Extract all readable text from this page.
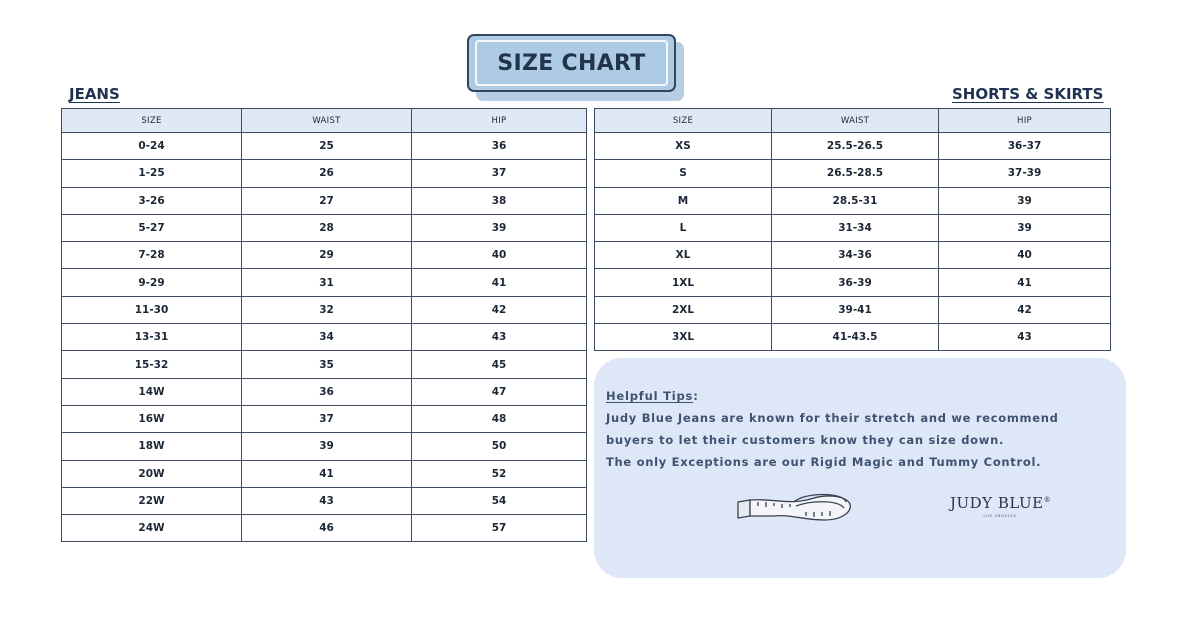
SIZE CHART
JEANS	SHORTS & SKIRTS
SIZE	WAIST	HIP
0-24	25	36
1-25	26	37
3-26	27	38
5-27	28	39
7-28	29	40
9-29	31	41
11-30	32	42
13-31	34	43
15-32	35	45
14W	36	47
16W	37	48
18W	39	50
20W	41	52
22W	43	54
24W	46	57
SIZE	WAIST	HIP
XS	25.5-26.5	36-37
S	26.5-28.5	37-39
M	28.5-31	39
L	31-34	39
XL	34-36	40
1XL	36-39	41
2XL	39-41	42
3XL	41-43.5	43
Helpful Tips:
Judy Blue Jeans are known for their stretch and we recommend
buyers to let their customers know they can size down.
The only Exceptions are our Rigid Magic and Tummy Control.
JUDY BLUE®
LOS ANGELES
